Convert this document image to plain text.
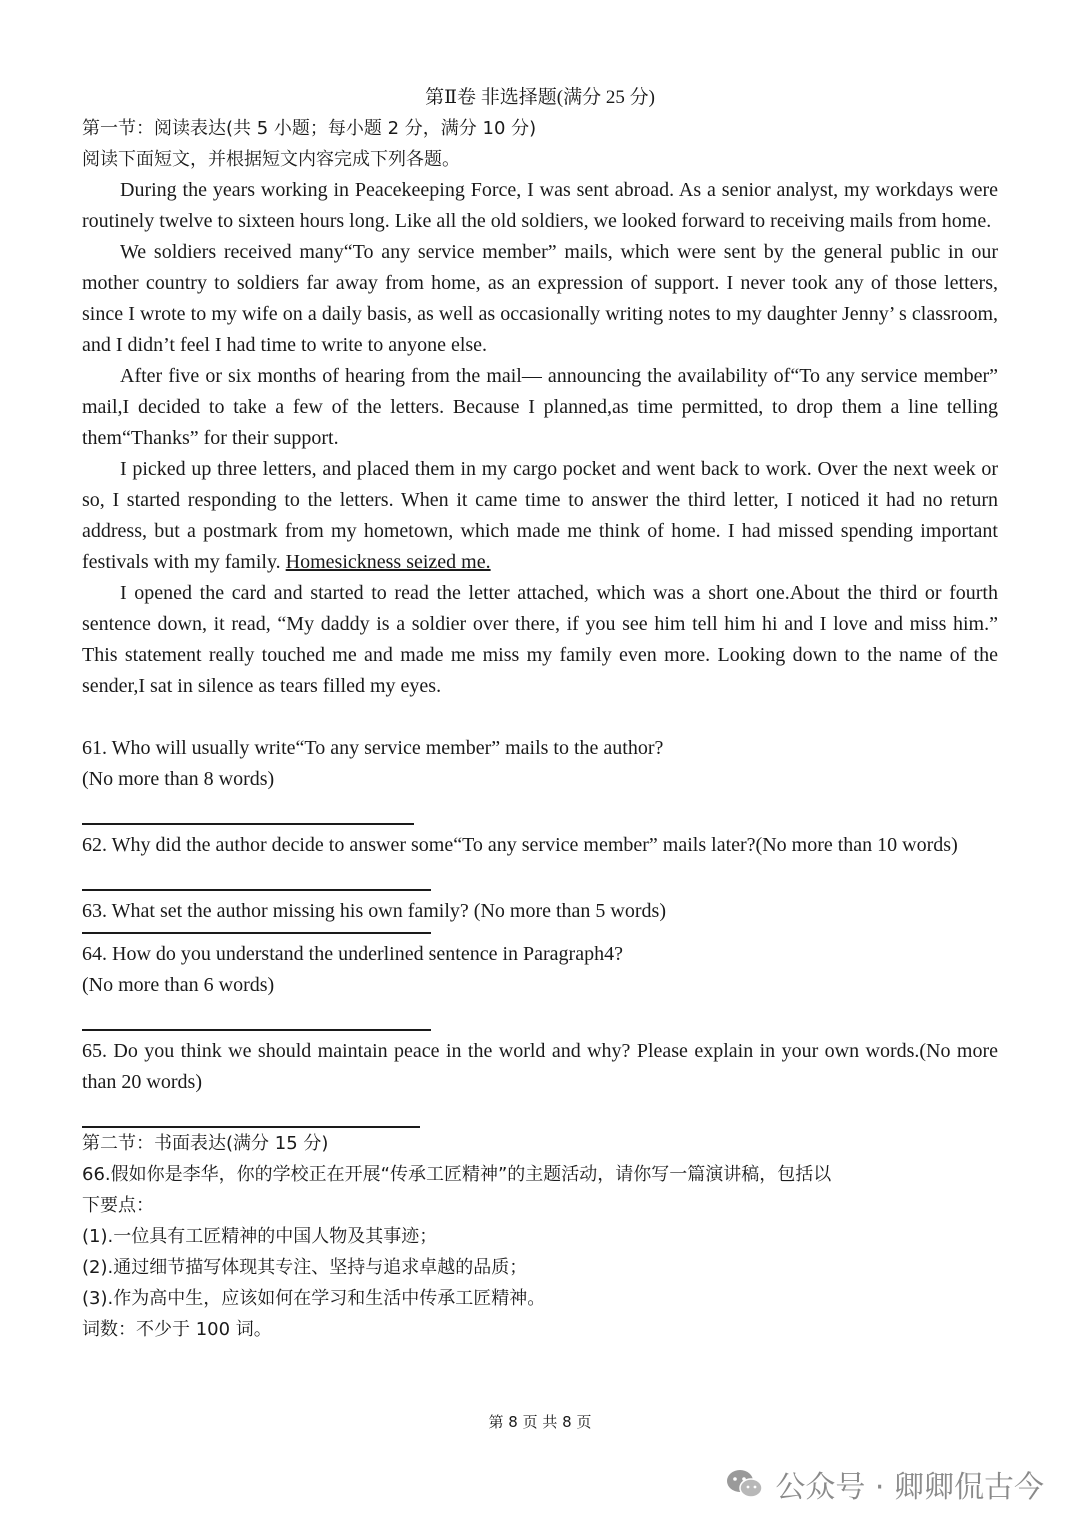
第Ⅱ卷 非选择题(满分 25 分)

第一节：阅读表达(共 5 小题；每小题 2 分，满分 10 分)

阅读下面短文，并根据短文内容完成下列各题。

During the years working in Peacekeeping Force, I was sent abroad. As a senior analyst, my workdays were routinely twelve to sixteen hours long. Like all the old soldiers, we looked forward to receiving mails from home.

We soldiers received many“To any service member” mails, which were sent by the general public in our mother country to soldiers far away from home, as an expression of support. I never took any of those letters, since I wrote to my wife on a daily basis, as well as occasionally writing notes to my daughter Jenny’ s classroom, and I didn’t feel I had time to write to anyone else.

After five or six months of hearing from the mail— announcing the availability of“To any service member” mail,I decided to take a few of the letters. Because I planned,as time permitted, to drop them a line telling them“Thanks” for their support.

I picked up three letters, and placed them in my cargo pocket and went back to work. Over the next week or so, I started responding to the letters. When it came time to answer the third letter, I noticed it had no return address, but a postmark from my hometown, which made me think of home. I had missed spending important festivals with my family. Homesickness seized me.

I opened the card and started to read the letter attached, which was a short one.About the third or fourth sentence down, it read, “My daddy is a soldier over there, if you see him tell him hi and I love and miss him.” This statement really touched me and made me miss my family even more. Looking down to the name of the sender,I sat in silence as tears filled my eyes.

61. Who will usually write“To any service member” mails to the author?

(No more than 8 words)

62. Why did the author decide to answer some“To any service member” mails later?(No more than 10 words)

63. What set the author missing his own family? (No more than 5 words)

64. How do you understand the underlined sentence in Paragraph4?

(No more than 6 words)

65. Do you think we should maintain peace in the world and why? Please explain in your own words.(No more than 20 words)

第二节：书面表达(满分 15 分)

66.假如你是李华，你的学校正在开展“传承工匠精神”的主题活动，请你写一篇演讲稿，包括以

下要点：

(1).一位具有工匠精神的中国人物及其事迹；

(2).通过细节描写体现其专注、坚持与追求卓越的品质；

(3).作为高中生，应该如何在学习和生活中传承工匠精神。

词数：不少于 100 词。

第 8 页 共 8 页
公众号 · 卿卿侃古今
